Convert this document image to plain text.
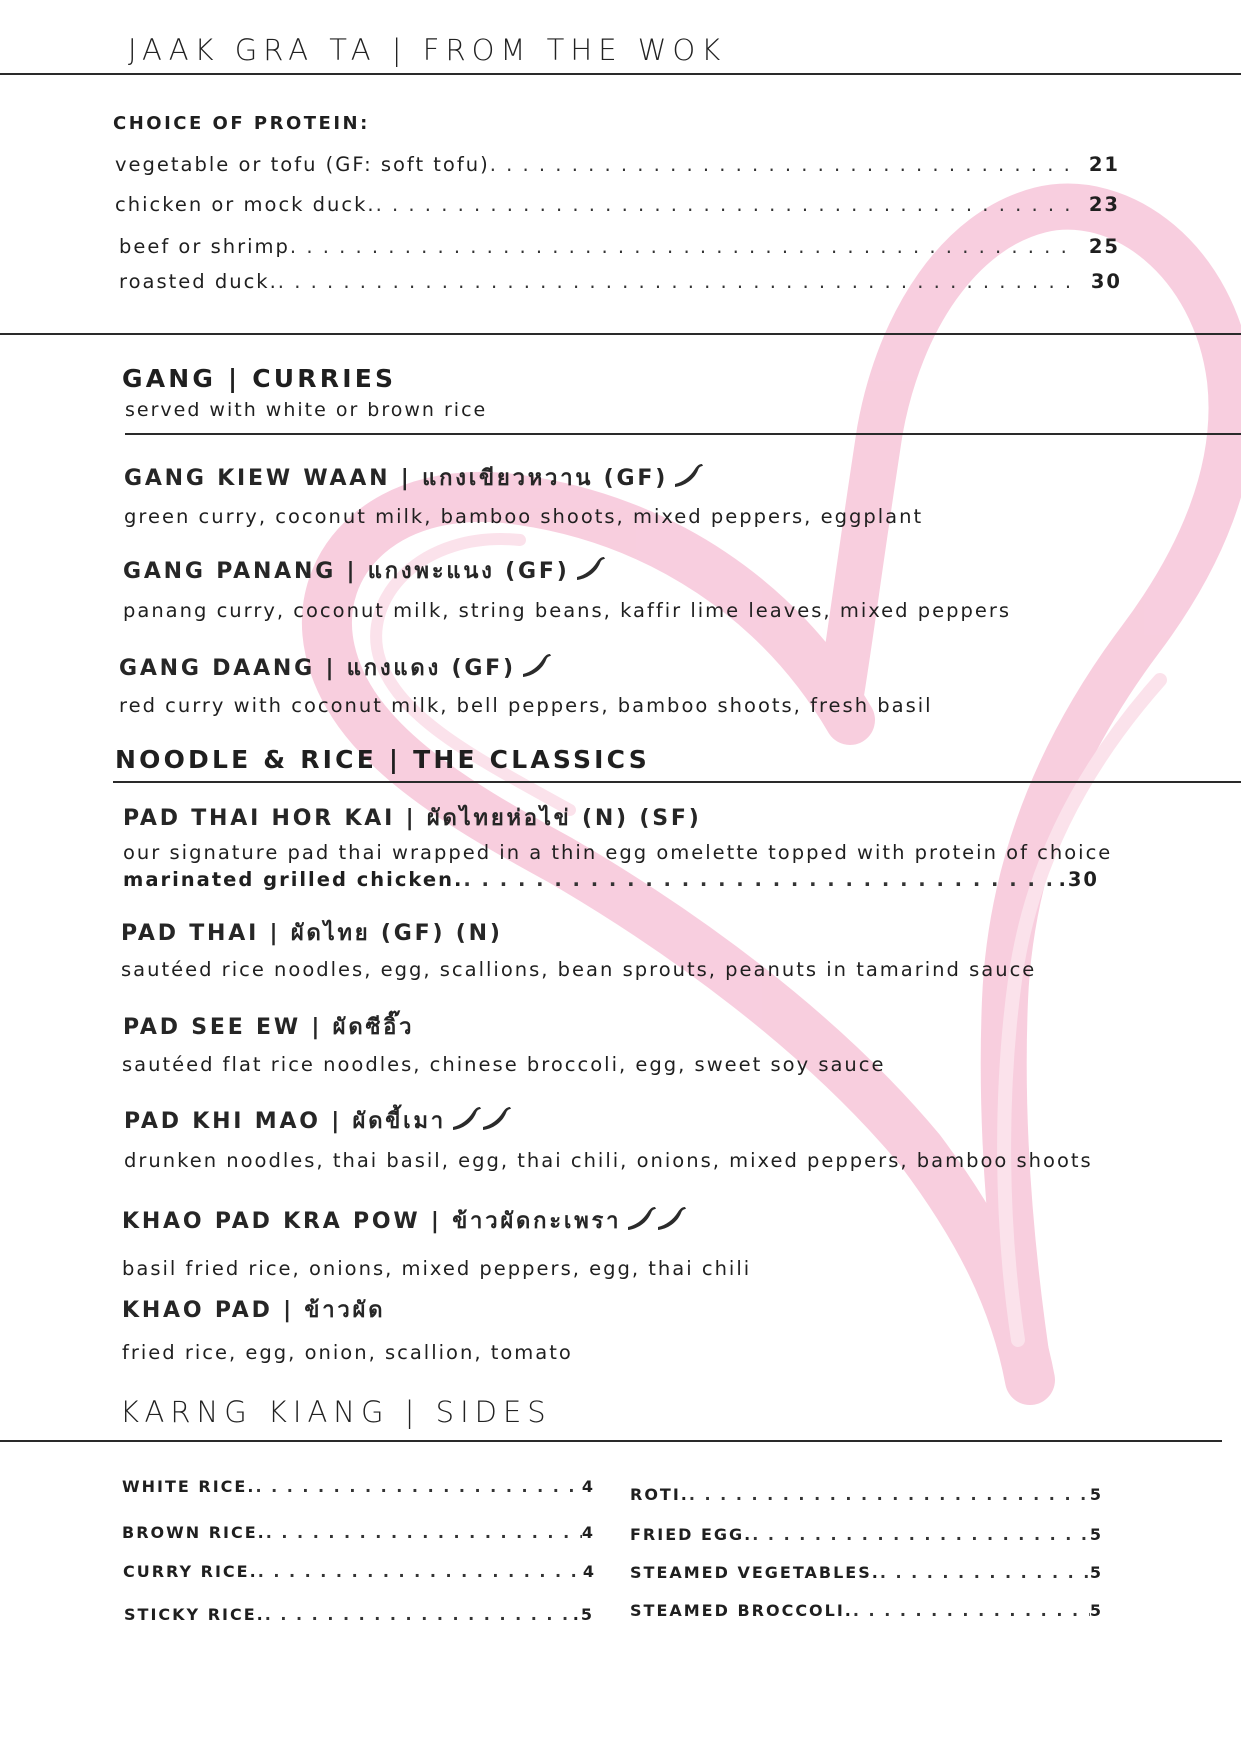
JAAK GRA TA | FROM THE WOK
CHOICE OF PROTEIN:
vegetable or tofu (GF: soft tofu) . . .	21
chicken or mock duck. . . .	23
beef or shrimp . . .	25
roasted duck. . . .	30
GANG | CURRIES
served with white or brown rice
GANG KIEW WAAN | แกงเขียวหวาน (GF)
green curry, coconut milk, bamboo shoots, mixed peppers, eggplant
GANG PANANG | แกงพะแนง (GF)
panang curry, coconut milk, string beans, kaffir lime leaves, mixed peppers
GANG DAANG | แกงแดง (GF)
red curry with coconut milk, bell peppers, bamboo shoots, fresh basil
NOODLE & RICE | THE CLASSICS
PAD THAI HOR KAI | ผัดไทยห่อไข่ (N) (SF)
our signature pad thai wrapped in a thin egg omelette topped with protein of choice
marinated grilled chicken. . . .	.30
PAD THAI | ผัดไทย (GF) (N)
sautéed rice noodles, egg, scallions, bean sprouts, peanuts in tamarind sauce
PAD SEE EW | ผัดซีอิ๊ว
sautéed flat rice noodles, chinese broccoli, egg, sweet soy sauce
PAD KHI MAO | ผัดขี้เมา
drunken noodles, thai basil, egg, thai chili, onions, mixed peppers, bamboo shoots
KHAO PAD KRA POW | ข้าวผัดกะเพรา
basil fried rice, onions, mixed peppers, egg, thai chili
KHAO PAD | ข้าวผัด
fried rice, egg, onion, scallion, tomato
KARNG KIANG | SIDES
WHITE RICE. . . .	4
BROWN RICE. . . .	4
CURRY RICE. . . .	4
STICKY RICE. . . .	.5
ROTI. . . .	5
FRIED EGG. . . .	5
STEAMED VEGETABLES. . . .	5
STEAMED BROCCOLI. . . .	5
